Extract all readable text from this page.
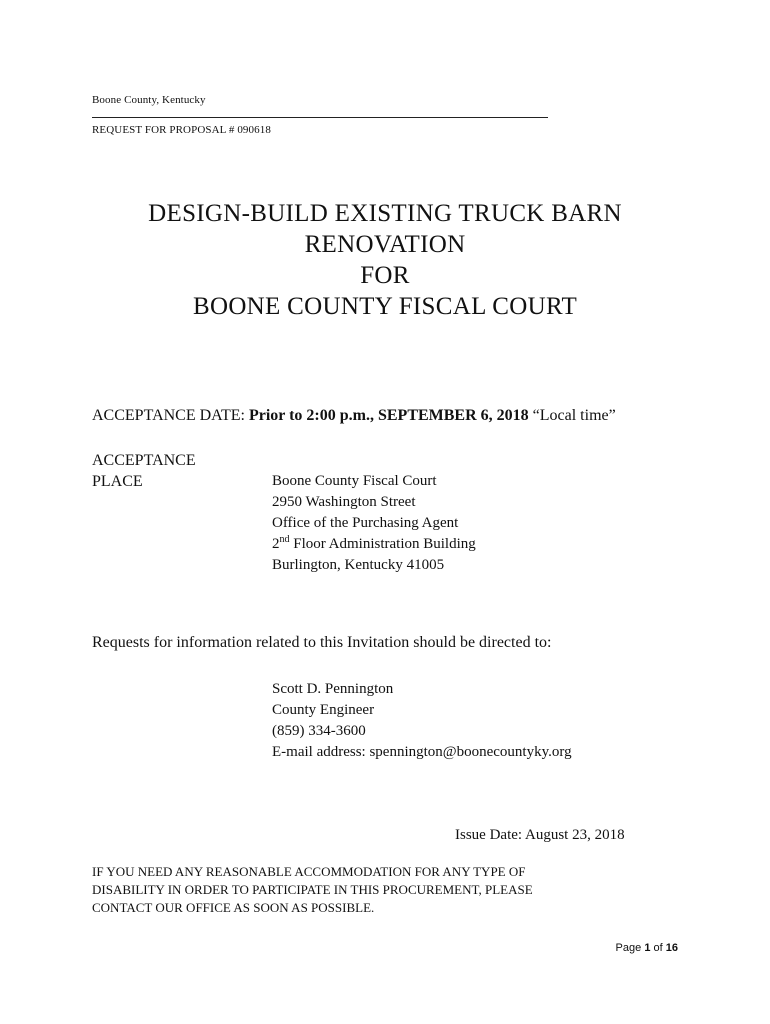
Boone County, Kentucky
REQUEST FOR PROPOSAL # 090618
DESIGN-BUILD EXISTING TRUCK BARN
RENOVATION
FOR
BOONE COUNTY FISCAL COURT
ACCEPTANCE DATE: Prior to 2:00 p.m., SEPTEMBER 6, 2018 “Local time”
ACCEPTANCE
PLACE	Boone County Fiscal Court
2950 Washington Street
Office of the Purchasing Agent
2nd Floor Administration Building
Burlington, Kentucky 41005
Requests for information related to this Invitation should be directed to:
Scott D. Pennington
County Engineer
(859) 334-3600
E-mail address: spennington@boonecountyky.org
Issue Date: August 23, 2018
IF YOU NEED ANY REASONABLE ACCOMMODATION FOR ANY TYPE OF
DISABILITY IN ORDER TO PARTICIPATE IN THIS PROCUREMENT, PLEASE
CONTACT OUR OFFICE AS SOON AS POSSIBLE.
Page 1 of 16
